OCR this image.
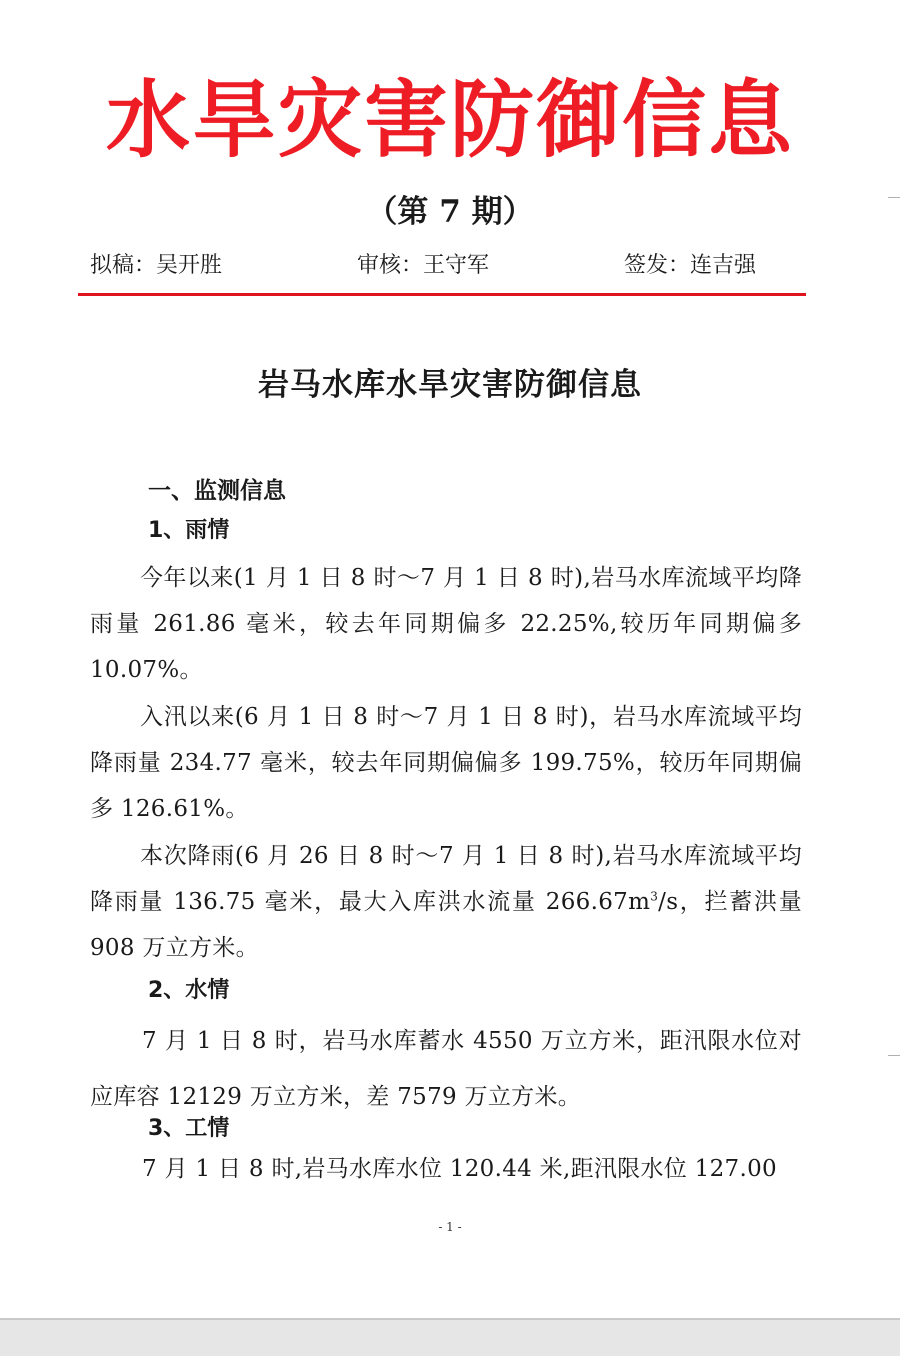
水旱灾害防御信息
（第 7 期）
拟稿：吴开胜	审核：王守军	签发：连吉强
岩马水库水旱灾害防御信息
一、监测信息
1、雨情
今年以来(1 月 1 日 8 时～7 月 1 日 8 时),岩马水库流域平均降雨量 261.86 毫米，较去年同期偏多 22.25%,较历年同期偏多 10.07%。
入汛以来(6 月 1 日 8 时～7 月 1 日 8 时)，岩马水库流域平均降雨量 234.77 毫米，较去年同期偏偏多 199.75%，较历年同期偏多 126.61%。
本次降雨(6 月 26 日 8 时～7 月 1 日 8 时),岩马水库流域平均降雨量 136.75 毫米，最大入库洪水流量 $266.67m^3/s$，拦蓄洪量 908 万立方米。
2、水情
7 月 1 日 8 时，岩马水库蓄水 4550 万立方米，距汛限水位对应库容 12129 万立方米，差 7579 万立方米。
3、工情
7 月 1 日 8 时,岩马水库水位 120.44 米,距汛限水位 127.00
- 1 -
